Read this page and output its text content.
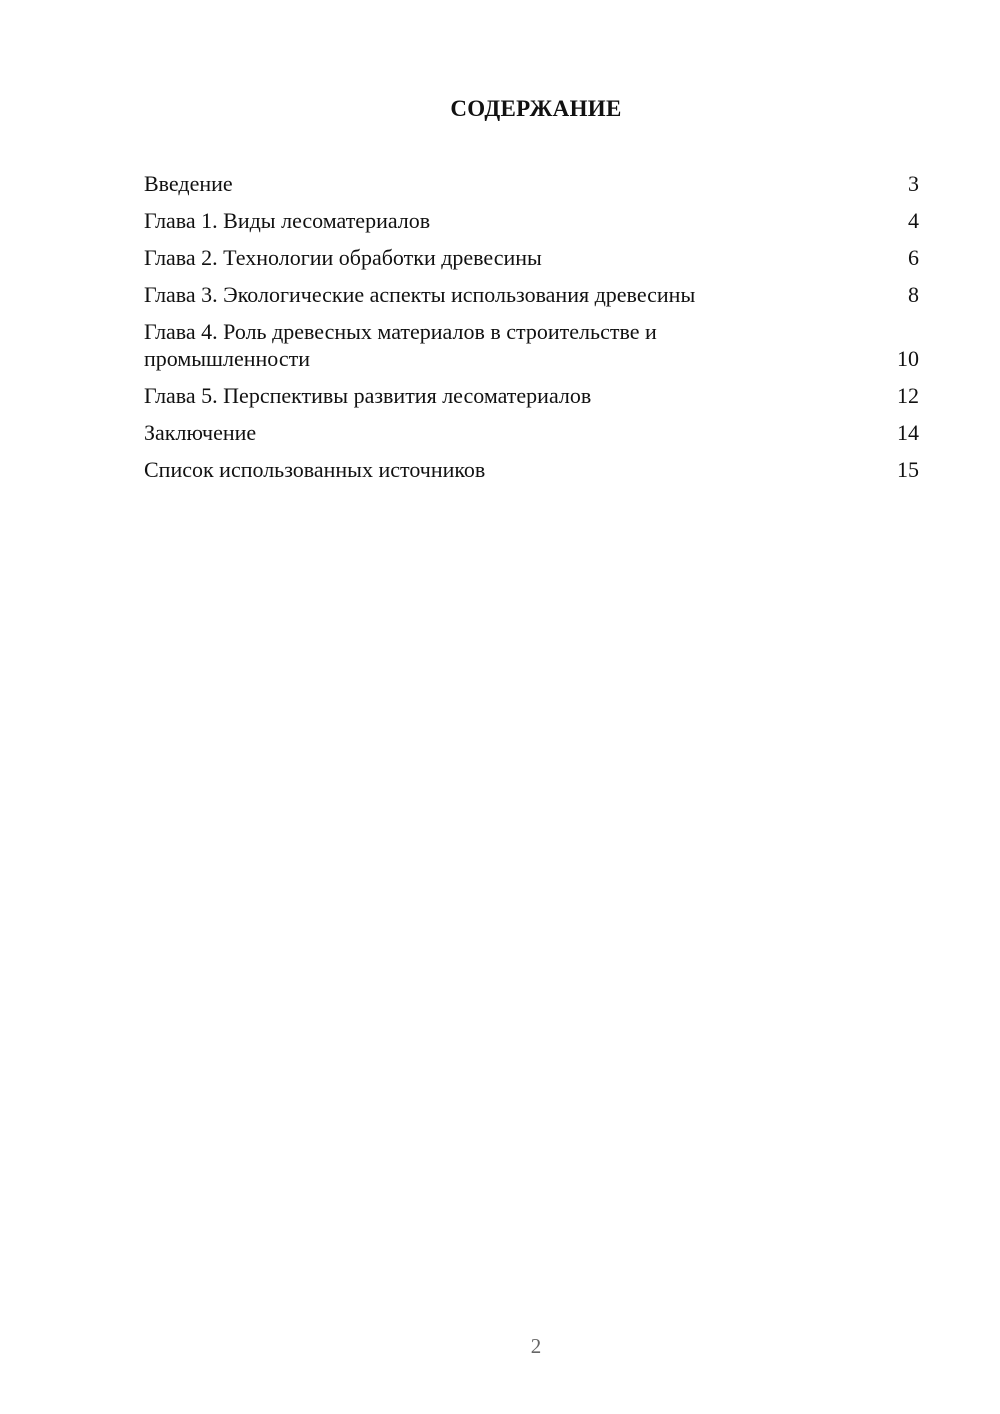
СОДЕРЖАНИЕ
Введение	3
Глава 1. Виды лесоматериалов	4
Глава 2. Технологии обработки древесины	6
Глава 3. Экологические аспекты использования древесины	8
Глава 4. Роль древесных материалов в строительстве и промышленности	10
Глава 5. Перспективы развития лесоматериалов	12
Заключение	14
Список использованных источников	15
2
